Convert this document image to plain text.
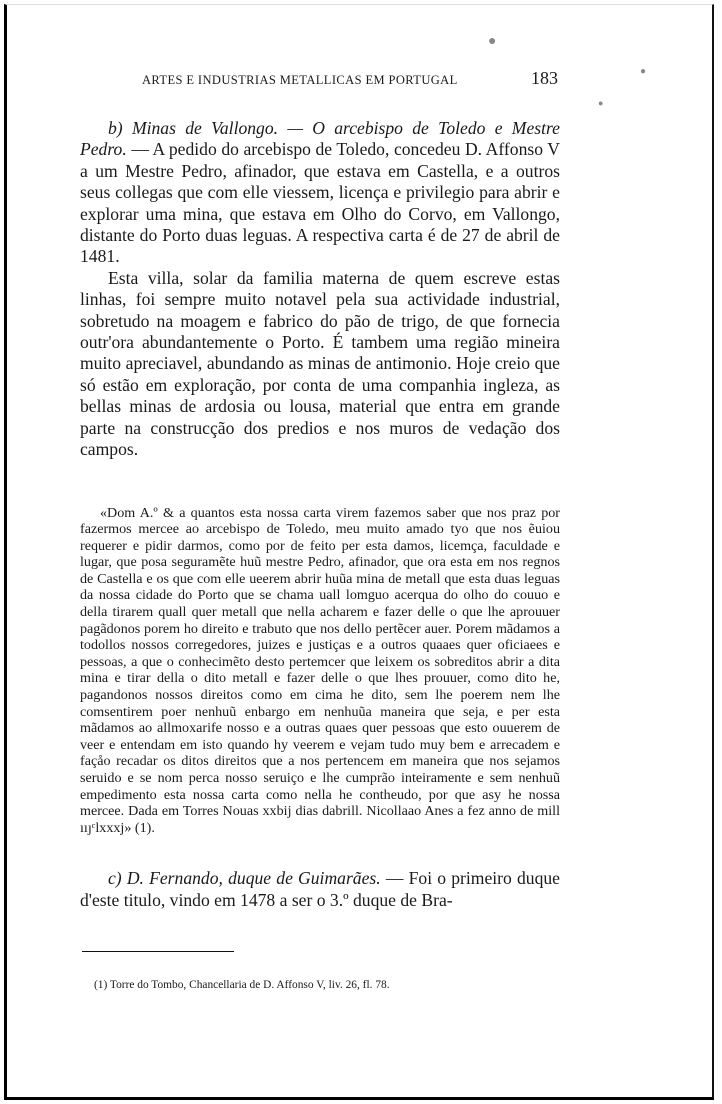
●
●
●
ARTES E INDUSTRIAS METALLICAS EM PORTUGAL	183

b) Minas de Vallongo. — O arcebispo de Toledo e Mestre Pedro. — A pedido do arcebispo de Toledo, concedeu D. Affonso V a um Mestre Pedro, afinador, que estava em Castella, e a outros seus collegas que com elle viessem, licença e privilegio para abrir e explorar uma mina, que estava em Olho do Corvo, em Vallongo, distante do Porto duas leguas. A respectiva carta é de 27 de abril de 1481.

Esta villa, solar da familia materna de quem escreve estas linhas, foi sempre muito notavel pela sua actividade industrial, sobretudo na moagem e fabrico do pão de trigo, de que fornecia outr'ora abundantemente o Porto. É tambem uma região mineira muito apreciavel, abundando as minas de antimonio. Hoje creio que só estão em exploração, por conta de uma companhia ingleza, as bellas minas de ardosia ou lousa, material que entra em grande parte na construcção dos predios e nos muros de vedação dos campos.

«Dom A.º & a quantos esta nossa carta virem fazemos saber que nos praz por fazermos mercee ao arcebispo de Toledo, meu muito amado tyo que nos ẽuiou requerer e pidir darmos, como por de feito per esta damos, licemça, faculdade e lugar, que posa seguramẽte huũ mestre Pedro, afinador, que ora esta em nos regnos de Castella e os que com elle ueerem abrir huũa mina de metall que esta duas leguas da nossa cidade do Porto que se chama uall lomguo acerqua do olho do couuo e della tirarem quall quer metall que nella acharem e fazer delle o que lhe aprouuer pagãdonos porem ho direito e trabuto que nos dello pertẽcer auer. Porem mãdamos a todollos nossos corregedores, juizes e justiças e a outros quaaes quer oficiaees e pessoas, a que o conhecimẽto desto pertemcer que leixem os sobreditos abrir a dita mina e tirar della o dito metall e fazer delle o que lhes prouuer, como dito he, pagandonos nossos direitos como em cima he dito, sem lhe poerem nem lhe comsentirem poer nenhuũ enbargo em nenhuũa maneira que seja, e per esta mãdamos ao allmoxarife nosso e a outras quaes quer pessoas que esto ouuerem de veer e entendam em isto quando hy veerem e vejam tudo muy bem e arrecadem e façåo recadar os ditos direitos que a nos pertencem em maneira que nos sejamos seruido e se nom perca nosso seruiço e lhe cumprão inteiramente e sem nenhuũ empedimento esta nossa carta como nella he contheudo, por que asy he nossa mercee. Dada em Torres Nouas xxbij dias dabrill. Nicollaao Anes a fez anno de mill ııȷᶜlxxxj» (1).

c) D. Fernando, duque de Guimarães. — Foi o primeiro duque d'este titulo, vindo em 1478 a ser o 3.º duque de Bra-

(1) Torre do Tombo, Chancellaria de D. Affonso V, liv. 26, fl. 78.
